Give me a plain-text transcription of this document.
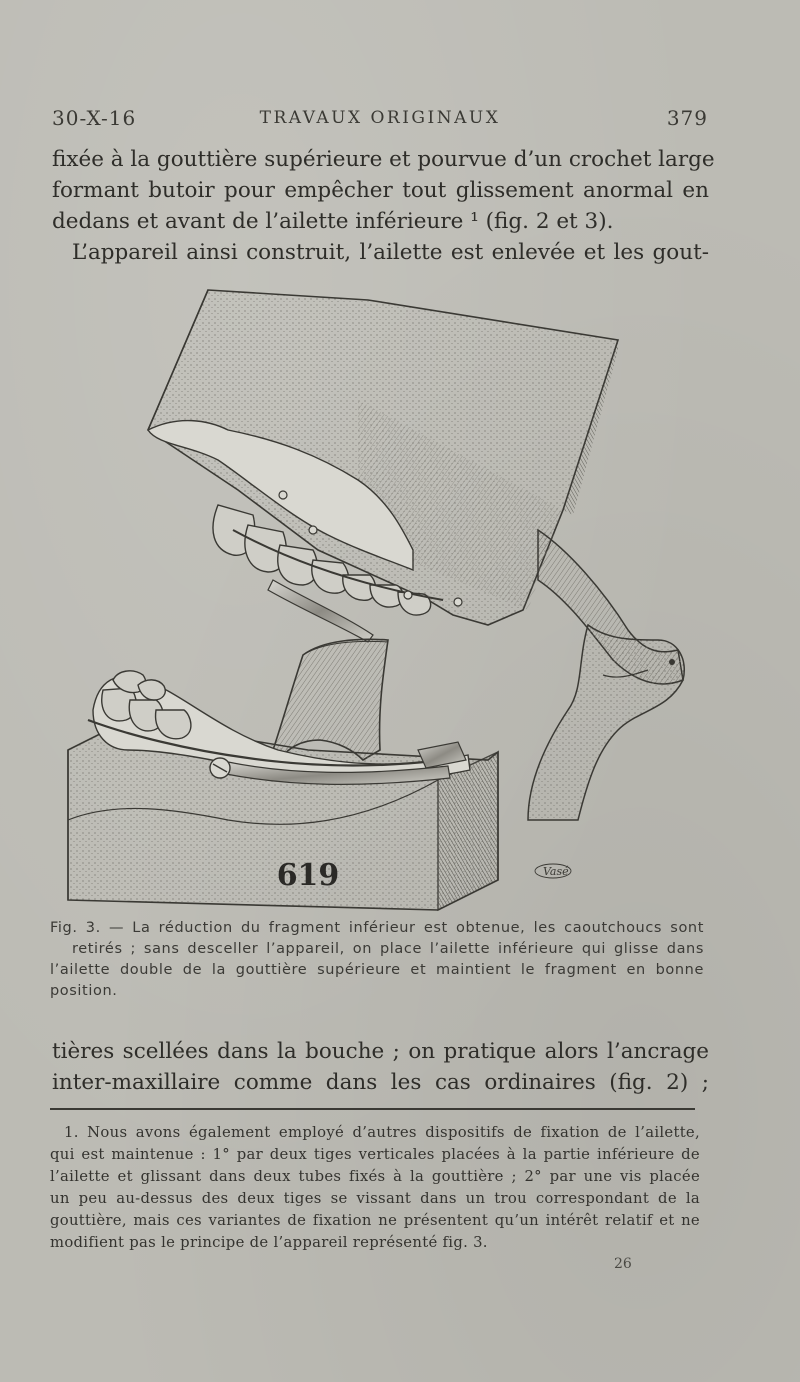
30-X-16	TRAVAUX ORIGINAUX	379
fixée à la gouttière supérieure et pourvue d’un crochet large
formant butoir pour empêcher tout glissement anormal en
dedans et avant de l’ailette inférieure ¹ (fig. 2 et 3).
L’appareil ainsi construit, l’ailette est enlevée et les gout-
619	Vasé
Fig. 3. — La réduction du fragment inférieur est obtenue, les caoutchoucs sont
retirés ; sans desceller l’appareil, on place l’ailette inférieure qui glisse dans
l’ailette double de la gouttière supérieure et maintient le fragment en bonne
position.
tières scellées dans la bouche ; on pratique alors l’ancrage
inter-maxillaire comme dans les cas ordinaires (fig. 2) ;
1. Nous avons également employé d’autres dispositifs de fixation de l’ailette,
qui est maintenue : 1° par deux tiges verticales placées à la partie inférieure de
l’ailette et glissant dans deux tubes fixés à la gouttière ; 2° par une vis placée
un peu au-dessus des deux tiges se vissant dans un trou correspondant de la
gouttière, mais ces variantes de fixation ne présentent qu’un intérêt relatif et ne
modifient pas le principe de l’appareil représenté fig. 3.
26
